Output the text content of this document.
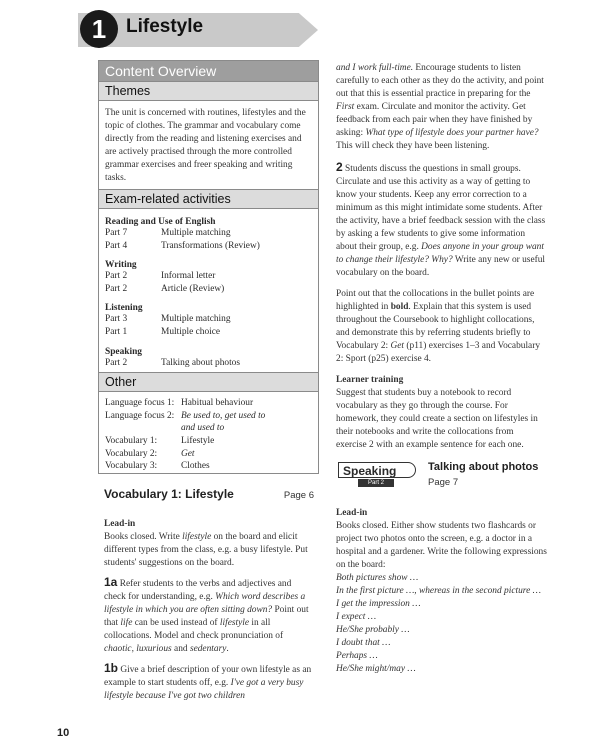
1	Lifestyle
Content Overview
Themes
The unit is concerned with routines, lifestyles and the topic of clothes. The grammar and vocabulary come directly from the reading and listening exercises and are actively practised through the more controlled grammar exercises and freer speaking and writing tasks.
Exam-related activities
Reading and Use of English
Part 7	Multiple matching
Part 4	Transformations (Review)
Writing
Part 2	Informal letter
Part 2	Article (Review)
Listening
Part 3	Multiple matching
Part 1	Multiple choice
Speaking
Part 2	Talking about photos
Other
Language focus 1: Habitual behaviour
Language focus 2: Be used to, get used to
and used to
Vocabulary 1:	Lifestyle
Vocabulary 2:	Get
Vocabulary 3:	Clothes
Vocabulary 1: Lifestyle	Page 6
Lead-in
Books closed. Write lifestyle on the board and elicit different types from the class, e.g. a busy lifestyle. Put students' suggestions on the board.
1a Refer students to the verbs and adjectives and check for understanding, e.g. Which word describes a lifestyle in which you are often sitting down? Point out that life can be used instead of lifestyle in all collocations. Model and check pronunciation of chaotic, luxurious and sedentary.
1b Give a brief description of your own lifestyle as an example to start students off, e.g. I've got a very busy lifestyle because I've got two children

and I work full-time. Encourage students to listen carefully to each other as they do the activity, and point out that this is essential practice in preparing for the First exam. Circulate and monitor the activity. Get feedback from each pair when they have finished by asking: What type of lifestyle does your partner have? This will check they have been listening.

2 Students discuss the questions in small groups. Circulate and use this activity as a way of getting to know your students. Keep any error correction to a minimum as this might intimidate some students. After the activity, have a brief feedback session with the class by asking a few students to give some information about their group, e.g. Does anyone in your group want to change their lifestyle? Why? Write any new or useful vocabulary on the board.

Point out that the collocations in the bullet points are highlighted in bold. Explain that this system is used throughout the Coursebook to highlight collocations, and demonstrate this by referring students briefly to Vocabulary 2: Get (p11) exercises 1–3 and Vocabulary 2: Sport (p25) exercise 4.

Learner training
Suggest that students buy a notebook to record vocabulary as they go through the course. For homework, they could create a section on lifestyles in their notebooks and write the collocations from exercise 2 with an example sentence for each one.
Speaking
Part 2
Talking about photos
Page 7
Lead-in
Books closed. Either show students two flashcards or project two photos onto the screen, e.g. a doctor in a hospital and a gardener. Write the following expressions on the board:
Both pictures show …
In the first picture …, whereas in the second picture …
I get the impression …
I expect …
He/She probably …
I doubt that …
Perhaps …
He/She might/may …
10
